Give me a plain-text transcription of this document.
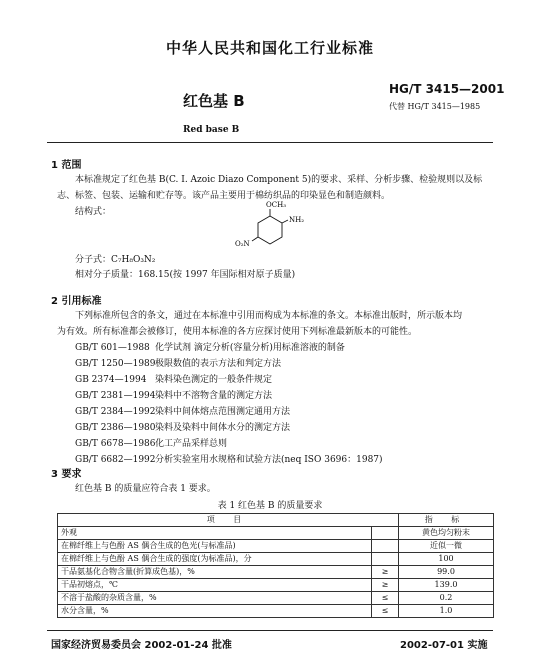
中华人民共和国化工行业标准
红色基 B
HG/T 3415—2001
代替 HG/T 3415—1985
Red base B
1 范围
本标准规定了红色基 B(C. I. Azoic Diazo Component 5)的要求、采样、分析步骤、检验规则以及标
志、标签、包装、运输和贮存等。该产品主要用于棉纺织品的印染显色和制造颜料。
结构式：
OCH₃
NH₂
O₂N
分子式：C₇H₈O₃N₂
相对分子质量：168.15(按 1997 年国际相对原子质量)
2 引用标准
下列标准所包含的条文，通过在本标准中引用而构成为本标准的条文。本标准出版时，所示版本均
为有效。所有标准都会被修订，使用本标准的各方应探讨使用下列标准最新版本的可能性。
GB/T 601—1988 化学试剂 滴定分析(容量分析)用标准溶液的制备
GB/T 1250—1989极限数值的表示方法和判定方法
GB 2374—1994 染料染色测定的一般条件规定
GB/T 2381—1994染料中不溶物含量的测定方法
GB/T 2384—1992染料中间体熔点范围测定通用方法
GB/T 2386—1980染料及染料中间体水分的测定方法
GB/T 6678—1986化工产品采样总则
GB/T 6682—1992分析实验室用水规格和试验方法(neq ISO 3696：1987)
3 要求
红色基 B 的质量应符合表 1 要求。
表 1 红色基 B 的质量要求
项 目		指 标
外观		黄色均匀粉末
在棉纤维上与色酚 AS 偶合生成的色光(与标准品)		近似一微
在棉纤维上与色酚 AS 偶合生成的强度(为标准品)，分		100
干品氨基化合物含量(折算成色基)，%	≥	99.0
干品初熔点，℃	≥	139.0
不溶于盐酸的杂质含量，%	≤	0.2
水分含量，%	≤	1.0
国家经济贸易委员会 2002-01-24 批准	2002-07-01 实施
